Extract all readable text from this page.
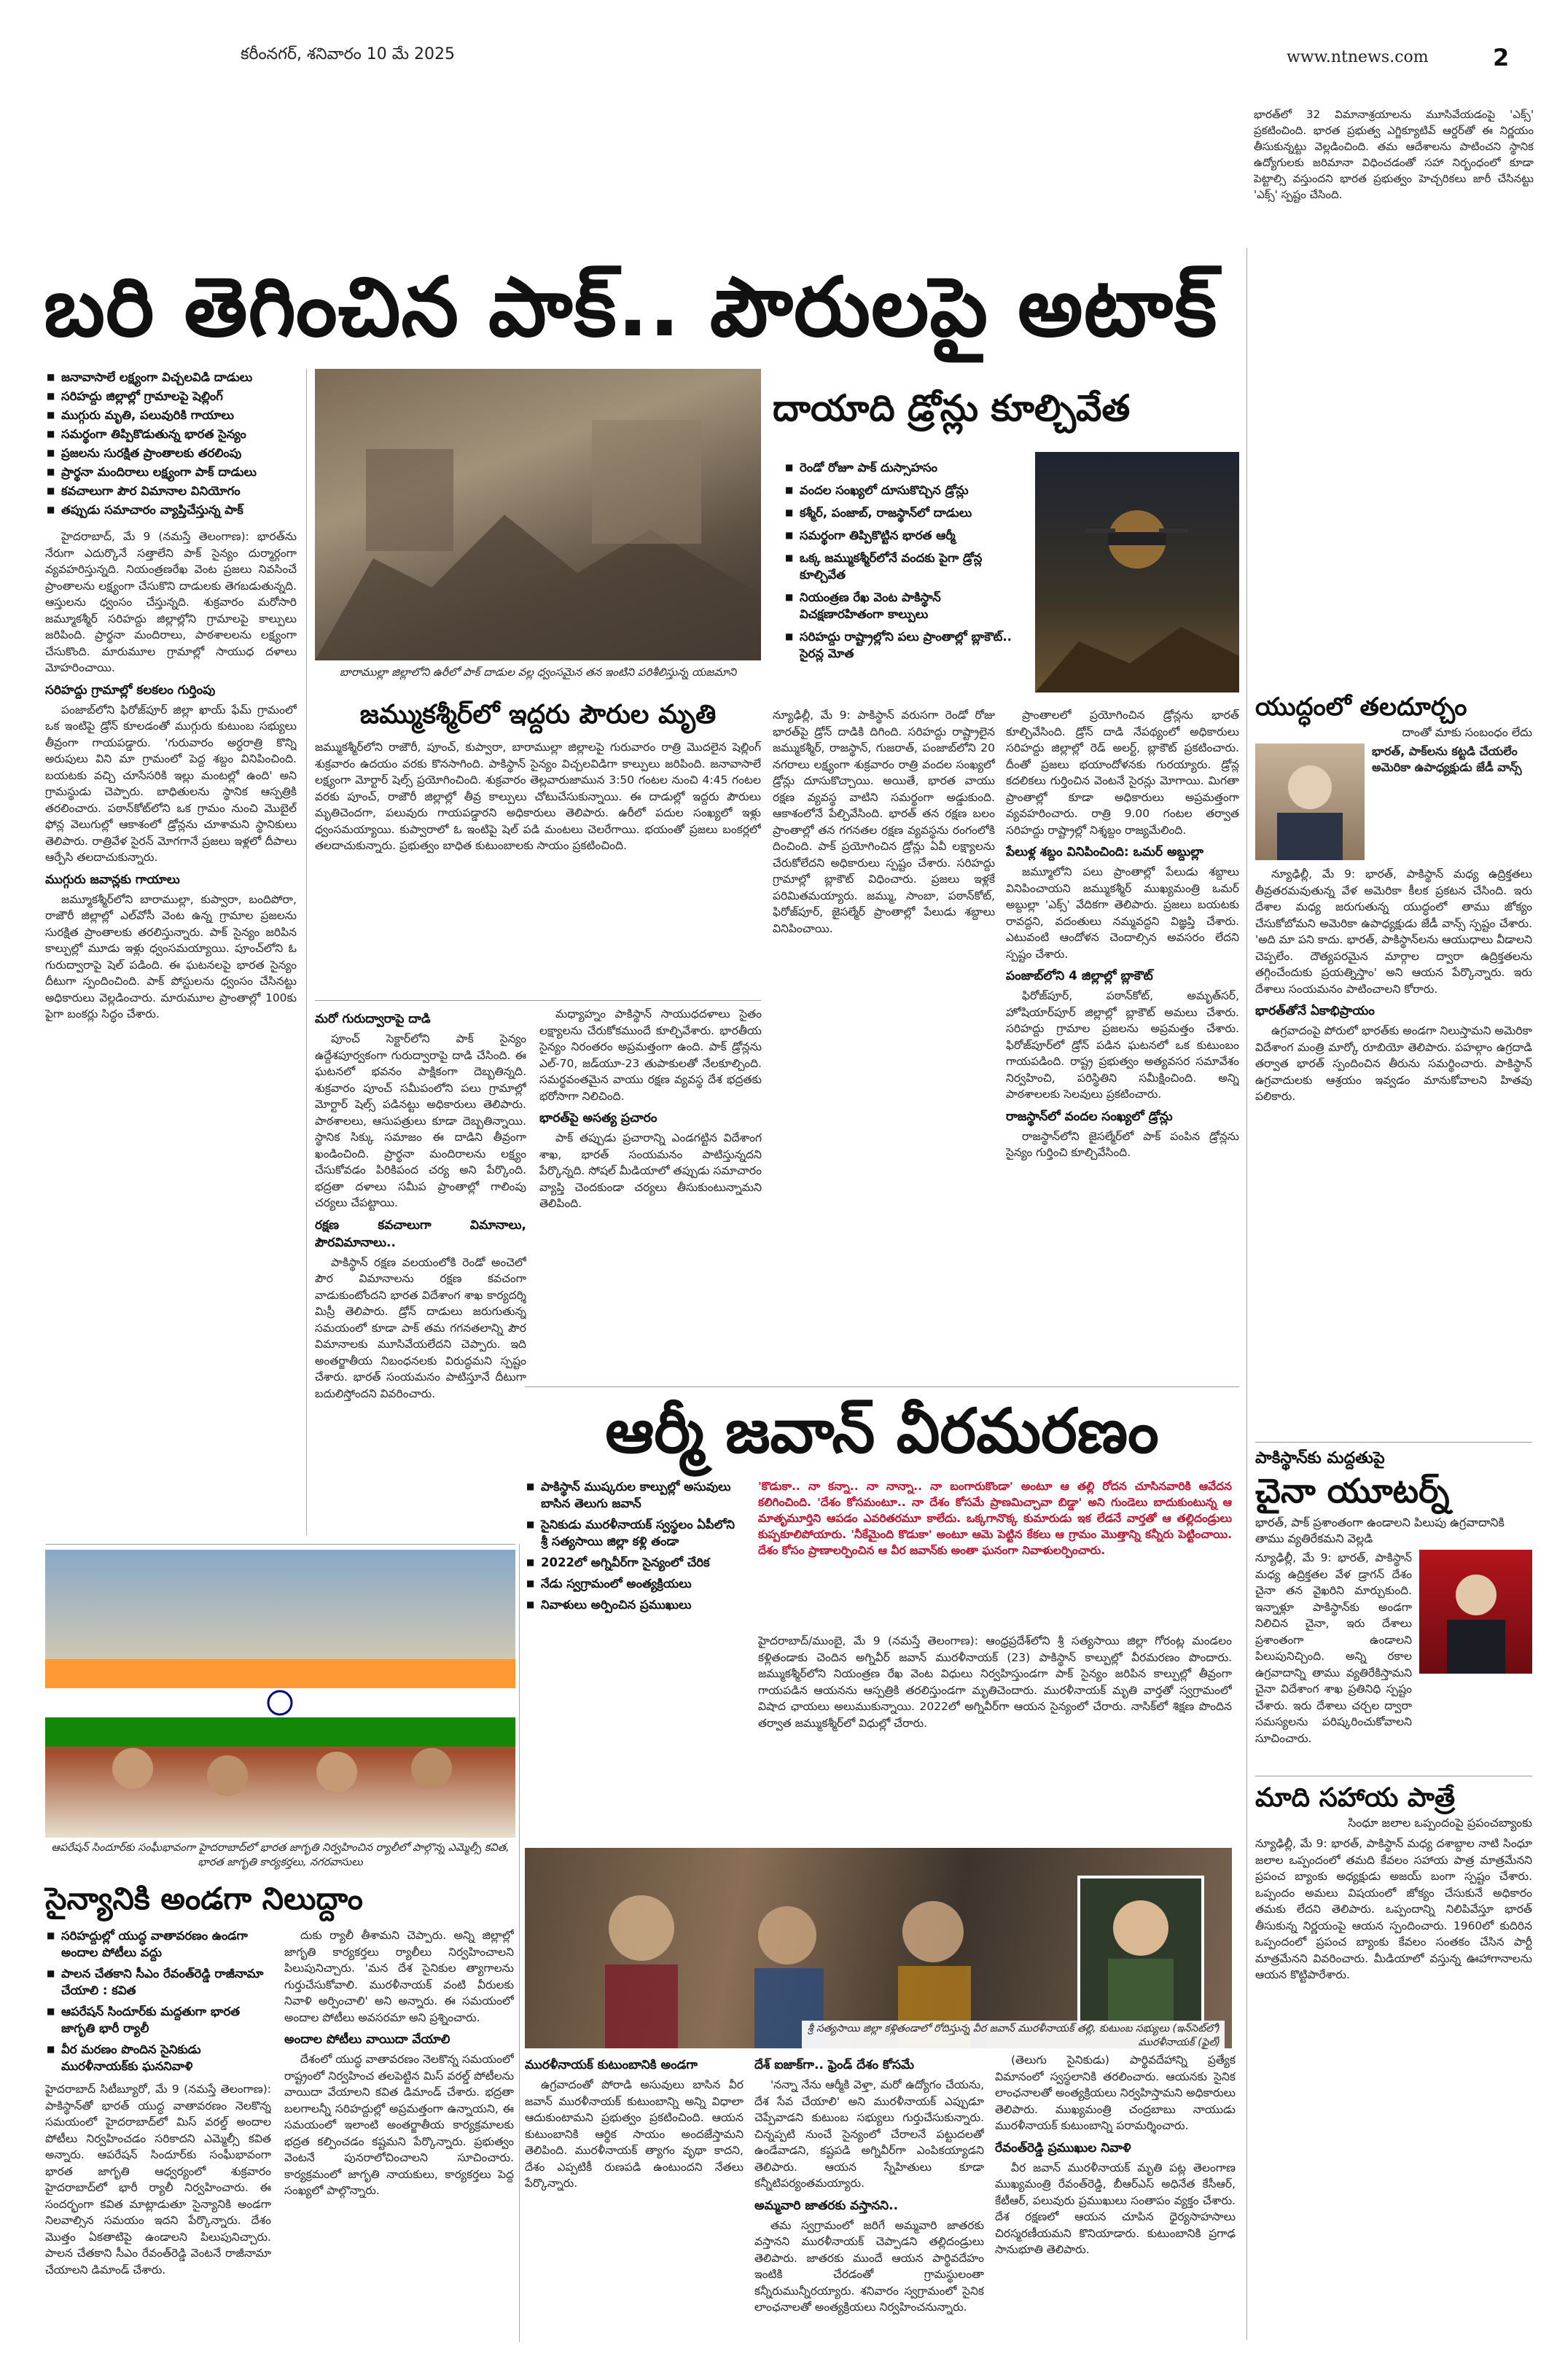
కరీంనగర్, శనివారం 10 మే 2025	www.ntnews.com	2
భారత్‌లో 32 విమానాశ్రయాలను మూసివేయడంపై 'ఎక్స్' ప్రకటించింది. భారత ప్రభుత్వ ఎగ్జిక్యూటివ్ ఆర్డర్‌తో ఈ నిర్ణయం తీసుకున్నట్టు వెల్లడించింది. తమ ఆదేశాలను పాటించని స్థానిక ఉద్యోగులకు జరిమానా విధించడంతో సహా నిర్బంధంలో కూడా పెట్టాల్సి వస్తుందని భారత ప్రభుత్వం హెచ్చరికలు జారీ చేసినట్టు 'ఎక్స్' స్పష్టం చేసింది.
బరి తెగించిన పాక్.. పౌరులపై అటాక్
■ జనావాసాలే లక్ష్యంగా విచ్చలవిడి దాడులు
■ సరిహద్దు జిల్లాల్లో గ్రామాలపై షెల్లింగ్
■ ముగ్గురు మృతి, పలువురికి గాయాలు
■ సమర్థంగా తిప్పికొడుతున్న భారత సైన్యం
■ ప్రజలను సురక్షిత ప్రాంతాలకు తరలింపు
■ ప్రార్థనా మందిరాలు లక్ష్యంగా పాక్ దాడులు
■ కవచాలుగా పౌర విమానాల వినియోగం
■ తప్పుడు సమాచారం వ్యాప్తిచేస్తున్న పాక్

హైదరాబాద్, మే 9 (నమస్తే తెలంగాణ): భారత్‌ను నేరుగా ఎదుర్కొనే సత్తాలేని పాక్ సైన్యం దుర్మార్గంగా వ్యవహరిస్తున్నది. నియంత్రణరేఖ వెంట ప్రజలు నివసించే ప్రాంతాలను లక్ష్యంగా చేసుకొని దాడులకు తెగబడుతున్నది. ఆస్తులను ధ్వంసం చేస్తున్నది. శుక్రవారం మరోసారి జమ్మూకశ్మీర్ సరిహద్దు జిల్లాల్లోని గ్రామాలపై కాల్పులు జరిపింది. ప్రార్థనా మందిరాలు, పాఠశాలలను లక్ష్యంగా చేసుకొంది. మారుమూల గ్రామాల్లో సాయుధ దళాలు మోహరించాయి.

సరిహద్దు గ్రామాల్లో కలకలం గుర్తింపు

పంజాబ్‌లోని ఫిరోజ్‌పూర్ జిల్లా ఖాయ్ ఫేమ్ గ్రామంలో ఒక ఇంటిపై డ్రోన్ కూలడంతో ముగ్గురు కుటుంబ సభ్యులు తీవ్రంగా గాయపడ్డారు. 'గురువారం అర్ధరాత్రి కొన్ని అరుపులు విని మా గ్రామంలో పెద్ద శబ్దం వినిపించింది. బయటకు వచ్చి చూసేసరికి ఇల్లు మంటల్లో ఉంది' అని గ్రామస్థుడు చెప్పారు. బాధితులను స్థానిక ఆస్పత్రికి తరలించారు. పఠాన్‌కోట్‌లోని ఒక గ్రామం నుంచి మొబైల్ ఫోన్ల వెలుగుల్లో ఆకాశంలో డ్రోన్లను చూశామని స్థానికులు తెలిపారు. రాత్రివేళ సైరన్ మోగగానే ప్రజలు ఇళ్లలో దీపాలు ఆర్పేసి తలదాచుకున్నారు.

ముగ్గురు జవాన్లకు గాయాలు

జమ్మూకశ్మీర్‌లోని బారాముల్లా, కుప్వారా, బందిపోరా, రాజౌరీ జిల్లాల్లో ఎల్‌వోసీ వెంట ఉన్న గ్రామాల ప్రజలను సురక్షిత ప్రాంతాలకు తరలిస్తున్నారు. పాక్ సైన్యం జరిపిన కాల్పుల్లో మూడు ఇళ్లు ధ్వంసమయ్యాయి. పూంచ్‌లోని ఓ గురుద్వారాపై షెల్ పడింది. ఈ ఘటనలపై భారత సైన్యం దీటుగా స్పందించింది. పాక్ పోస్టులను ధ్వంసం చేసినట్టు అధికారులు వెల్లడించారు. మారుమూల ప్రాంతాల్లో 100కు పైగా బంకర్లు సిద్ధం చేశారు.

బారాముల్లా జిల్లాలోని ఉరీలో పాక్ దాడుల వల్ల ధ్వంసమైన తన ఇంటిని పరిశీలిస్తున్న యజమాని
జమ్ముకశ్మీర్‌లో ఇద్దరు పౌరుల మృతి
జమ్ముకశ్మీర్‌లోని రాజౌరీ, పూంచ్, కుప్వారా, బారాముల్లా జిల్లాలపై గురువారం రాత్రి మొదలైన షెల్లింగ్ శుక్రవారం ఉదయం వరకు కొనసాగింది. పాకిస్థాన్ సైన్యం విచ్చలవిడిగా కాల్పులు జరిపింది. జనావాసాలే లక్ష్యంగా మోర్టార్ షెల్స్ ప్రయోగించింది. శుక్రవారం తెల్లవారుజామున 3:50 గంటల నుంచి 4:45 గంటల వరకు పూంచ్, రాజౌరీ జిల్లాల్లో తీవ్ర కాల్పులు చోటుచేసుకున్నాయి. ఈ దాడుల్లో ఇద్దరు పౌరులు మృతిచెందగా, పలువురు గాయపడ్డారని అధికారులు తెలిపారు. ఉరీలో పదుల సంఖ్యలో ఇళ్లు ధ్వంసమయ్యాయి. కుప్వారాలో ఓ ఇంటిపై షెల్ పడి మంటలు చెలరేగాయి. భయంతో ప్రజలు బంకర్లలో తలదాచుకున్నారు. ప్రభుత్వం బాధిత కుటుంబాలకు సాయం ప్రకటించింది.
మరో గురుద్వారాపై దాడి

పూంచ్ సెక్టార్‌లోని పాక్ సైన్యం ఉద్దేశపూర్వకంగా గురుద్వారాపై దాడి చేసింది. ఈ ఘటనలో భవనం పాక్షికంగా దెబ్బతిన్నది. శుక్రవారం పూంచ్ సమీపంలోని పలు గ్రామాల్లో మోర్టార్ షెల్స్ పడినట్టు అధికారులు తెలిపారు. పాఠశాలలు, ఆసుపత్రులు కూడా దెబ్బతిన్నాయి. స్థానిక సిక్కు సమాజం ఈ దాడిని తీవ్రంగా ఖండించింది. ప్రార్థనా మందిరాలను లక్ష్యం చేసుకోవడం పిరికిపంద చర్య అని పేర్కొంది. భద్రతా దళాలు సమీప ప్రాంతాల్లో గాలింపు చర్యలు చేపట్టాయి.

రక్షణ కవచాలుగా విమానాలు, పౌరవిమానాలు..

పాకిస్థాన్ రక్షణ వలయంలోకి రెండో అంచెలో పౌర విమానాలను రక్షణ కవచంగా వాడుకుంటోందని భారత విదేశాంగ శాఖ కార్యదర్శి మిస్రీ తెలిపారు. డ్రోన్ దాడులు జరుగుతున్న సమయంలో కూడా పాక్ తమ గగనతలాన్ని పౌర విమానాలకు మూసివేయలేదని చెప్పారు. ఇది అంతర్జాతీయ నిబంధనలకు విరుద్ధమని స్పష్టం చేశారు. భారత్ సంయమనం పాటిస్తూనే దీటుగా బదులిస్తోందని వివరించారు.

మధ్యాహ్నం పాకిస్థాన్ సాయుధదళాలు సైతం లక్ష్యాలను చేరుకోకముందే కూల్చివేశారు. భారతీయ సైన్యం నిరంతరం అప్రమత్తంగా ఉంది. పాక్ డ్రోన్లను ఎల్‌-70, జడ్‌యూ-23 తుపాకులతో నేలకూల్చింది. సమర్థవంతమైన వాయు రక్షణ వ్యవస్థ దేశ భద్రతకు భరోసాగా నిలిచింది.

భారత్‌పై అసత్య ప్రచారం

పాక్ తప్పుడు ప్రచారాన్ని ఎండగట్టిన విదేశాంగ శాఖ, భారత్ సంయమనం పాటిస్తున్నదని పేర్కొన్నది. సోషల్ మీడియాలో తప్పుడు సమాచారం వ్యాప్తి చెందకుండా చర్యలు తీసుకుంటున్నామని తెలిపింది.

దాయాది డ్రోన్లు కూల్చివేత
■ రెండో రోజూ పాక్ దుస్సాహసం
■ వందల సంఖ్యలో దూసుకొచ్చిన డ్రోన్లు
■ కశ్మీర్, పంజాబ్, రాజస్థాన్‌లో దాడులు
■ సమర్థంగా తిప్పికొట్టిన భారత ఆర్మీ
■ ఒక్క జమ్ముకశ్మీర్‌లోనే వందకు పైగా డ్రోన్ల కూల్చివేత
■ నియంత్రణ రేఖ వెంట పాకిస్థాన్ విచక్షణారహితంగా కాల్పులు
■ సరిహద్దు రాష్ట్రాల్లోని పలు ప్రాంతాల్లో బ్లాకౌట్.. సైరన్ల మోత
న్యూఢిల్లీ, మే 9: పాకిస్థాన్ వరుసగా రెండో రోజు భారత్‌పై డ్రోన్ దాడికి దిగింది. సరిహద్దు రాష్ట్రాలైన జమ్ముకశ్మీర్, రాజస్థాన్, గుజరాత్, పంజాబ్‌లోని 20 నగరాలు లక్ష్యంగా శుక్రవారం రాత్రి వందల సంఖ్యలో డ్రోన్లు దూసుకొచ్చాయి. అయితే, భారత వాయు రక్షణ వ్యవస్థ వాటిని సమర్థంగా అడ్డుకుంది. ఆకాశంలోనే పేల్చివేసింది. భారత్ తన రక్షణ బలం ప్రాంతాల్లో తన గగనతల రక్షణ వ్యవస్థను రంగంలోకి దించింది. పాక్ ప్రయోగించిన డ్రోన్లు ఏవీ లక్ష్యాలను చేరుకోలేదని అధికారులు స్పష్టం చేశారు. సరిహద్దు గ్రామాల్లో బ్లాకౌట్ విధించారు. ప్రజలు ఇళ్లకే పరిమితమయ్యారు. జమ్ము, సాంబా, పఠాన్‌కోట్, ఫిరోజ్‌పూర్, జైసల్మేర్ ప్రాంతాల్లో పేలుడు శబ్దాలు వినిపించాయి.

ప్రాంతాలలో ప్రయోగించిన డ్రోన్లను భారత్ కూల్చివేసింది. డ్రోన్ దాడి నేపథ్యంలో అధికారులు సరిహద్దు జిల్లాల్లో రెడ్ అలర్ట్, బ్లాకౌట్ ప్రకటించారు. దీంతో ప్రజలు భయాందోళనకు గురయ్యారు. డ్రోన్ల కదలికలు గుర్తించిన వెంటనే సైరన్లు మోగాయి. మిగతా ప్రాంతాల్లో కూడా అధికారులు అప్రమత్తంగా వ్యవహరించారు. రాత్రి 9.00 గంటల తర్వాత సరిహద్దు రాష్ట్రాల్లో నిశ్శబ్దం రాజ్యమేలింది.

పేలుళ్ల శబ్దం వినిపించింది: ఒమర్ అబ్దుల్లా

జమ్మూలోని పలు ప్రాంతాల్లో పేలుడు శబ్దాలు వినిపించాయని జమ్ముకశ్మీర్ ముఖ్యమంత్రి ఒమర్ అబ్దుల్లా 'ఎక్స్' వేదికగా తెలిపారు. ప్రజలు బయటకు రావద్దని, వదంతులు నమ్మవద్దని విజ్ఞప్తి చేశారు. ఎటువంటి ఆందోళన చెందాల్సిన అవసరం లేదని స్పష్టం చేశారు.

పంజాబ్‌లోని 4 జిల్లాల్లో బ్లాకౌట్

ఫిరోజ్‌పూర్, పఠాన్‌కోట్, అమృత్‌సర్, హోషియార్‌పూర్ జిల్లాల్లో బ్లాకౌట్ అమలు చేశారు. సరిహద్దు గ్రామాల ప్రజలను అప్రమత్తం చేశారు. ఫిరోజ్‌పూర్‌లో డ్రోన్ పడిన ఘటనలో ఒక కుటుంబం గాయపడింది. రాష్ట్ర ప్రభుత్వం అత్యవసర సమావేశం నిర్వహించి, పరిస్థితిని సమీక్షించింది. అన్ని పాఠశాలలకు సెలవులు ప్రకటించారు.

రాజస్థాన్‌లో వందల సంఖ్యలో డ్రోన్లు

రాజస్థాన్‌లోని జైసల్మేర్‌లో పాక్ పంపిన డ్రోన్లను సైన్యం గుర్తించి కూల్చివేసింది.

యుద్ధంలో తలదూర్చం
దాంతో మాకు సంబంధం లేదు
భారత్, పాక్‌లను కట్టడి చేయలేం అమెరికా ఉపాధ్యక్షుడు జేడీ వాన్స్

న్యూఢిల్లీ, మే 9: భారత్, పాకిస్థాన్ మధ్య ఉద్రిక్తతలు తీవ్రతరమవుతున్న వేళ అమెరికా కీలక ప్రకటన చేసింది. ఇరు దేశాల మధ్య జరుగుతున్న యుద్ధంలో తాము జోక్యం చేసుకోబోమని అమెరికా ఉపాధ్యక్షుడు జేడీ వాన్స్ స్పష్టం చేశారు. 'అది మా పని కాదు. భారత్, పాకిస్థాన్‌లను ఆయుధాలు వీడాలని చెప్పలేం. దౌత్యపరమైన మార్గాల ద్వారా ఉద్రిక్తతలను తగ్గించేందుకు ప్రయత్నిస్తాం' అని ఆయన పేర్కొన్నారు. ఇరు దేశాలు సంయమనం పాటించాలని కోరారు.

భారత్‌తోనే ఏకాభిప్రాయం

ఉగ్రవాదంపై పోరులో భారత్‌కు అండగా నిలుస్తామని అమెరికా విదేశాంగ మంత్రి మార్కో రూబియో తెలిపారు. పహల్గాం ఉగ్రదాడి తర్వాత భారత్ స్పందించిన తీరును సమర్థించారు. పాకిస్థాన్ ఉగ్రవాదులకు ఆశ్రయం ఇవ్వడం మానుకోవాలని హితవు పలికారు.

పాకిస్థాన్‌కు మద్దతుపై
చైనా యూటర్న్
భారత్, పాక్ ప్రశాంతంగా ఉండాలని పిలుపు ఉగ్రవాదానికి తాము వ్యతిరేకమని వెల్లడి
న్యూఢిల్లీ, మే 9: భారత్, పాకిస్థాన్ మధ్య ఉద్రిక్తతల వేళ డ్రాగన్ దేశం చైనా తన వైఖరిని మార్చుకుంది. ఇన్నాళ్లూ పాకిస్థాన్‌కు అండగా నిలిచిన చైనా, ఇరు దేశాలు ప్రశాంతంగా ఉండాలని పిలుపునిచ్చింది. అన్ని రకాల ఉగ్రవాదాన్ని తాము వ్యతిరేకిస్తామని చైనా విదేశాంగ శాఖ ప్రతినిధి స్పష్టం చేశారు. ఇరు దేశాలు చర్చల ద్వారా సమస్యలను పరిష్కరించుకోవాలని సూచించారు.
మాది సహాయ పాత్రే
సింధూ జలాల ఒప్పందంపై ప్రపంచబ్యాంకు
న్యూఢిల్లీ, మే 9: భారత్, పాకిస్థాన్ మధ్య దశాబ్దాల నాటి సింధూ జలాల ఒప్పందంలో తమది కేవలం సహాయ పాత్ర మాత్రమేనని ప్రపంచ బ్యాంకు అధ్యక్షుడు అజయ్ బంగా స్పష్టం చేశారు. ఒప్పందం అమలు విషయంలో జోక్యం చేసుకునే అధికారం తమకు లేదని తెలిపారు. ఒప్పందాన్ని నిలిపివేస్తూ భారత్ తీసుకున్న నిర్ణయంపై ఆయన స్పందించారు. 1960లో కుదిరిన ఒప్పందంలో ప్రపంచ బ్యాంకు కేవలం సంతకం చేసిన పార్టీ మాత్రమేనని వివరించారు. మీడియాలో వస్తున్న ఊహాగానాలను ఆయన కొట్టిపారేశారు.
ఆర్మీ జవాన్ వీరమరణం
■ పాకిస్థాన్ ముష్కరుల కాల్పుల్లో అసువులు బాసిన తెలుగు జవాన్
■ సైనికుడు మురళీనాయక్ స్వస్థలం ఏపీలోని శ్రీ సత్యసాయి జిల్లా కళ్లి తండా
■ 2022లో అగ్నివీర్‌గా సైన్యంలో చేరిక
■ నేడు స్వగ్రామంలో అంత్యక్రియలు
■ నివాళులు అర్పించిన ప్రముఖులు
'కొడుకా.. నా కన్నా.. నా నాన్నా.. నా బంగారుకొండా' అంటూ ఆ తల్లి రోదన చూసినవారికి ఆవేదన కలిగించింది. 'దేశం కోసమంటూ.. నా దేశం కోసమే ప్రాణమిచ్చావా బిడ్డా' అని గుండెలు బాదుకుంటున్న ఆ మాతృమూర్తిని ఆపడం ఎవరితరమూ కాలేదు. ఒక్కగానొక్క కుమారుడు ఇక లేడనే వార్తతో ఆ తల్లిదండ్రులు కుప్పకూలిపోయారు. 'నీకేమైంది కొడుకా' అంటూ ఆమె పెట్టిన కేకలు ఆ గ్రామం మొత్తాన్ని కన్నీరు పెట్టించాయి. దేశం కోసం ప్రాణాలర్పించిన ఆ వీర జవాన్‌కు అంతా ఘనంగా నివాళులర్పించారు.
హైదరాబాద్/ముంబై, మే 9 (నమస్తే తెలంగాణ): ఆంధ్రప్రదేశ్‌లోని శ్రీ సత్యసాయి జిల్లా గోరంట్ల మండలం కళ్లితండాకు చెందిన అగ్నివీర్ జవాన్ మురళీనాయక్ (23) పాకిస్థాన్ కాల్పుల్లో వీరమరణం పొందారు. జమ్ముకశ్మీర్‌లోని నియంత్రణ రేఖ వెంట విధులు నిర్వహిస్తుండగా పాక్ సైన్యం జరిపిన కాల్పుల్లో తీవ్రంగా గాయపడిన ఆయనను ఆస్పత్రికి తరలిస్తుండగా మృతిచెందారు. మురళీనాయక్ మృతి వార్తతో స్వగ్రామంలో విషాద ఛాయలు అలుముకున్నాయి. 2022లో అగ్నివీర్‌గా ఆయన సైన్యంలో చేరారు. నాసిక్‌లో శిక్షణ పొందిన తర్వాత జమ్ముకశ్మీర్‌లో విధుల్లో చేరారు.
శ్రీ సత్యసాయి జిల్లా కళ్లితండాలో రోదిస్తున్న వీర జవాన్ మురళీనాయక్ తల్లి, కుటుంబ సభ్యులు (ఇన్‌సెట్‌లో) మురళీనాయక్ (ఫైల్)
మురళీనాయక్ కుటుంబానికి అండగా

ఉగ్రవాదంతో పోరాడి అసువులు బాసిన వీర జవాన్ మురళీనాయక్ కుటుంబాన్ని అన్ని విధాలా ఆదుకుంటామని ప్రభుత్వం ప్రకటించింది. ఆయన కుటుంబానికి ఆర్థిక సాయం అందజేస్తామని తెలిపింది. మురళీనాయక్ త్యాగం వృథా కాదని, దేశం ఎప్పటికీ రుణపడి ఉంటుందని నేతలు పేర్కొన్నారు.

దేశ్ ఐజాక్‌గా.. ఫ్రెండ్ దేశం కోసమే

'నన్నా నేను ఆర్మీకి వెళ్తా, మరో ఉద్యోగం చేయను, దేశ సేవ చేయాలి' అని మురళీనాయక్ ఎప్పుడూ చెప్పేవాడని కుటుంబ సభ్యులు గుర్తుచేసుకున్నారు. చిన్నప్పటి నుంచే సైన్యంలో చేరాలనే పట్టుదలతో ఉండేవాడని, కష్టపడి అగ్నివీర్‌గా ఎంపికయ్యాడని తెలిపారు. ఆయన స్నేహితులు కూడా కన్నీటిపర్యంతమయ్యారు.

అమ్మవారి జాతరకు వస్తానని..

తమ స్వగ్రామంలో జరిగే అమ్మవారి జాతరకు వస్తానని మురళీనాయక్ చెప్పాడని తల్లిదండ్రులు తెలిపారు. జాతరకు ముందే ఆయన పార్థివదేహం ఇంటికి చేరడంతో గ్రామస్థులంతా కన్నీరుమున్నీరయ్యారు. శనివారం స్వగ్రామంలో సైనిక లాంఛనాలతో అంత్యక్రియలు నిర్వహించనున్నారు.

(తెలుగు సైనికుడు) పార్థివదేహాన్ని ప్రత్యేక విమానంలో స్వస్థలానికి తరలించారు. ఆయనకు సైనిక లాంఛనాలతో అంత్యక్రియలు నిర్వహిస్తామని అధికారులు తెలిపారు. ముఖ్యమంత్రి చంద్రబాబు నాయుడు మురళీనాయక్ కుటుంబాన్ని పరామర్శించారు.

రేవంత్‌రెడ్డి ప్రముఖుల నివాళి

వీర జవాన్ మురళీనాయక్ మృతి పట్ల తెలంగాణ ముఖ్యమంత్రి రేవంత్‌రెడ్డి, బీఆర్‌ఎస్ అధినేత కేసీఆర్, కేటీఆర్, పలువురు ప్రముఖులు సంతాపం వ్యక్తం చేశారు. దేశ రక్షణలో ఆయన చూపిన ధైర్యసాహసాలు చిరస్మరణీయమని కొనియాడారు. కుటుంబానికి ప్రగాఢ సానుభూతి తెలిపారు.

ఆపరేషన్ సిందూర్‌కు సంఘీభావంగా హైదరాబాద్‌లో భారత జాగృతి నిర్వహించిన ర్యాలీలో పాల్గొన్న ఎమ్మెల్సీ కవిత, భారత జాగృతి కార్యకర్తలు, నగరవాసులు
సైన్యానికి అండగా నిలుద్దాం
■ సరిహద్దుల్లో యుద్ధ వాతావరణం ఉండగా అందాల పోటీలు వద్దు
■ పాలన చేతకాని సీఎం రేవంత్‌రెడ్డి రాజీనామా చేయాలి : కవిత
■ ఆపరేషన్ సిందూర్‌కు మద్దతుగా భారత జాగృతి భారీ ర్యాలీ
■ వీర మరణం పొందిన సైనికుడు మురళీనాయక్‌కు ఘననివాళి
హైదరాబాద్ సిటీబ్యూరో, మే 9 (నమస్తే తెలంగాణ): పాకిస్థాన్‌తో భారత్ యుద్ధ వాతావరణం నెలకొన్న సమయంలో హైదరాబాద్‌లో మిస్ వరల్డ్ అందాల పోటీలు నిర్వహించడం సరికాదని ఎమ్మెల్సీ కవిత అన్నారు. ఆపరేషన్ సిందూర్‌కు సంఘీభావంగా భారత జాగృతి ఆధ్వర్యంలో శుక్రవారం హైదరాబాద్‌లో భారీ ర్యాలీ నిర్వహించారు. ఈ సందర్భంగా కవిత మాట్లాడుతూ సైన్యానికి అండగా నిలవాల్సిన సమయం ఇదని పేర్కొన్నారు. దేశం మొత్తం ఏకతాటిపై ఉండాలని పిలుపునిచ్చారు. పాలన చేతకాని సీఎం రేవంత్‌రెడ్డి వెంటనే రాజీనామా చేయాలని డిమాండ్ చేశారు.

దుకు ర్యాలీ తీశామని చెప్పారు. అన్ని జిల్లాల్లో జాగృతి కార్యకర్తలు ర్యాలీలు నిర్వహించాలని పిలుపునిచ్చారు. 'మన దేశ సైనికుల త్యాగాలను గుర్తుచేసుకోవాలి. మురళీనాయక్ వంటి వీరులకు నివాళి అర్పించాలి' అని అన్నారు. ఈ సమయంలో అందాల పోటీలు అవసరమా అని ప్రశ్నించారు.

అందాల పోటీలు వాయిదా వేయాలి

దేశంలో యుద్ధ వాతావరణం నెలకొన్న సమయంలో రాష్ట్రంలో నిర్వహించ తలపెట్టిన మిస్ వరల్డ్ పోటీలను వాయిదా వేయాలని కవిత డిమాండ్ చేశారు. భద్రతా బలగాలన్నీ సరిహద్దుల్లో అప్రమత్తంగా ఉన్నాయని, ఈ సమయంలో ఇలాంటి అంతర్జాతీయ కార్యక్రమాలకు భద్రత కల్పించడం కష్టమని పేర్కొన్నారు. ప్రభుత్వం వెంటనే పునరాలోచించాలని సూచించారు. కార్యక్రమంలో జాగృతి నాయకులు, కార్యకర్తలు పెద్ద సంఖ్యలో పాల్గొన్నారు.
